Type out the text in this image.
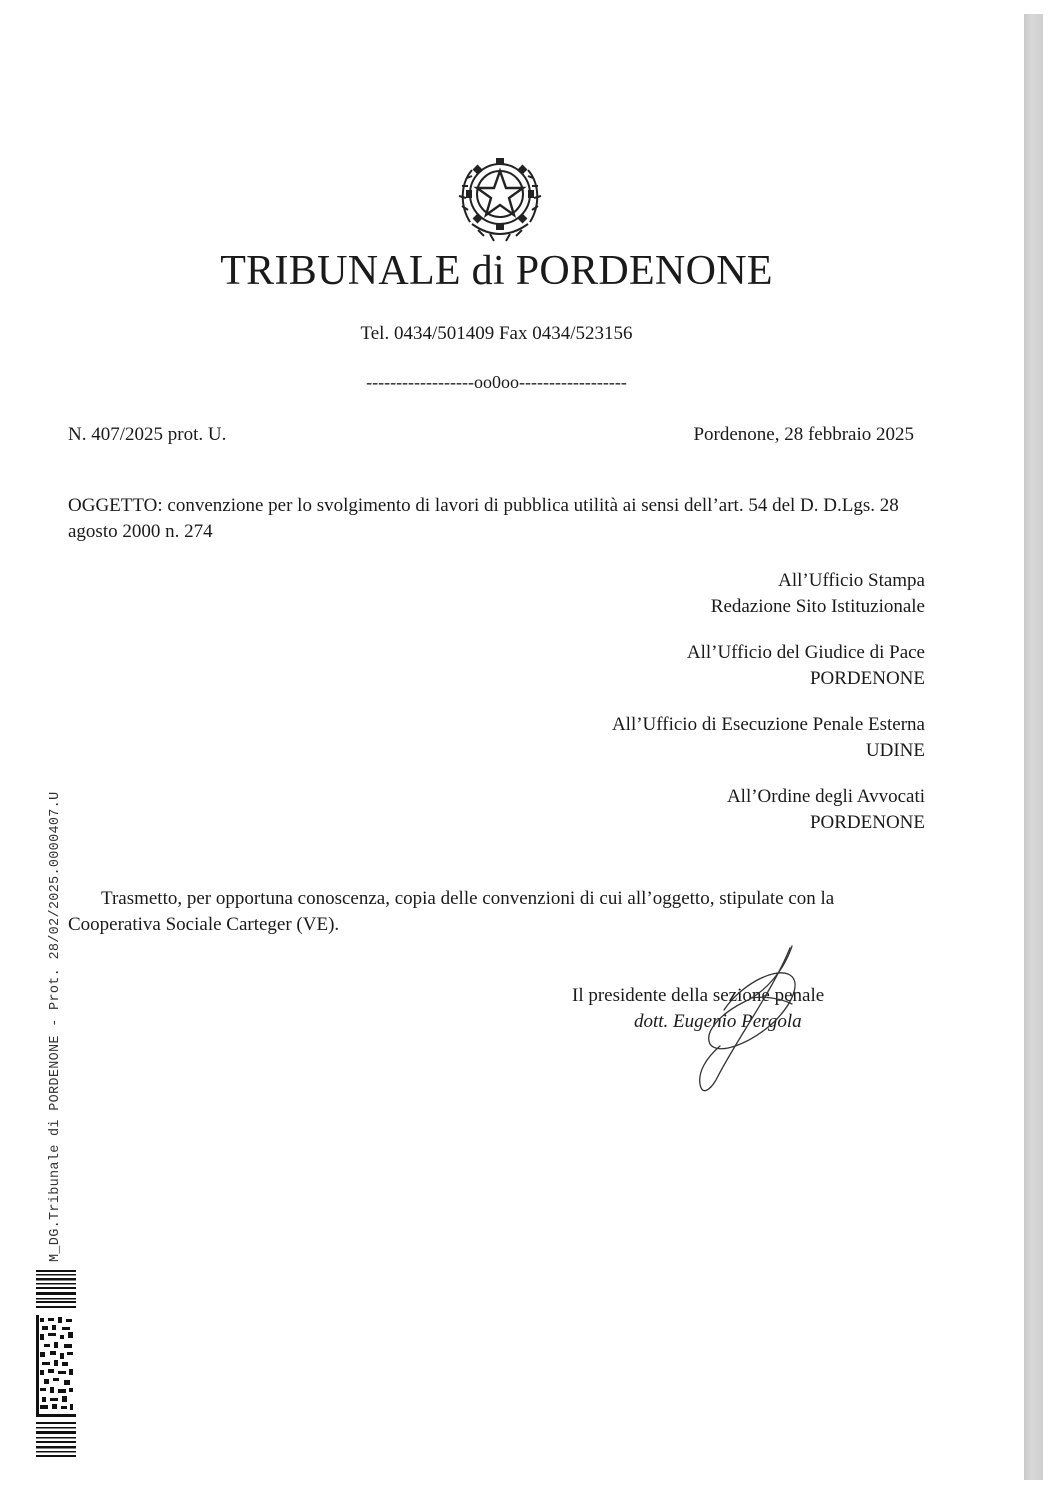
TRIBUNALE di PORDENONE
Tel. 0434/501409 Fax 0434/523156
------------------oo0oo------------------
N. 407/2025 prot. U.	Pordenone, 28 febbraio 2025
OGGETTO: convenzione per lo svolgimento di lavori di pubblica utilità ai sensi dell’art. 54 del D. D.Lgs. 28 agosto 2000 n. 274
All’Ufficio Stampa
Redazione Sito Istituzionale
All’Ufficio del Giudice di Pace
PORDENONE
All’Ufficio di Esecuzione Penale Esterna
UDINE
All’Ordine degli Avvocati
PORDENONE
Trasmetto, per opportuna conoscenza, copia delle convenzioni di cui all’oggetto, stipulate con la Cooperativa Sociale Carteger (VE).
Il presidente della sezione penale
dott. Eugenio Pergola
M_DG.Tribunale di PORDENONE - Prot. 28/02/2025.0000407.U
